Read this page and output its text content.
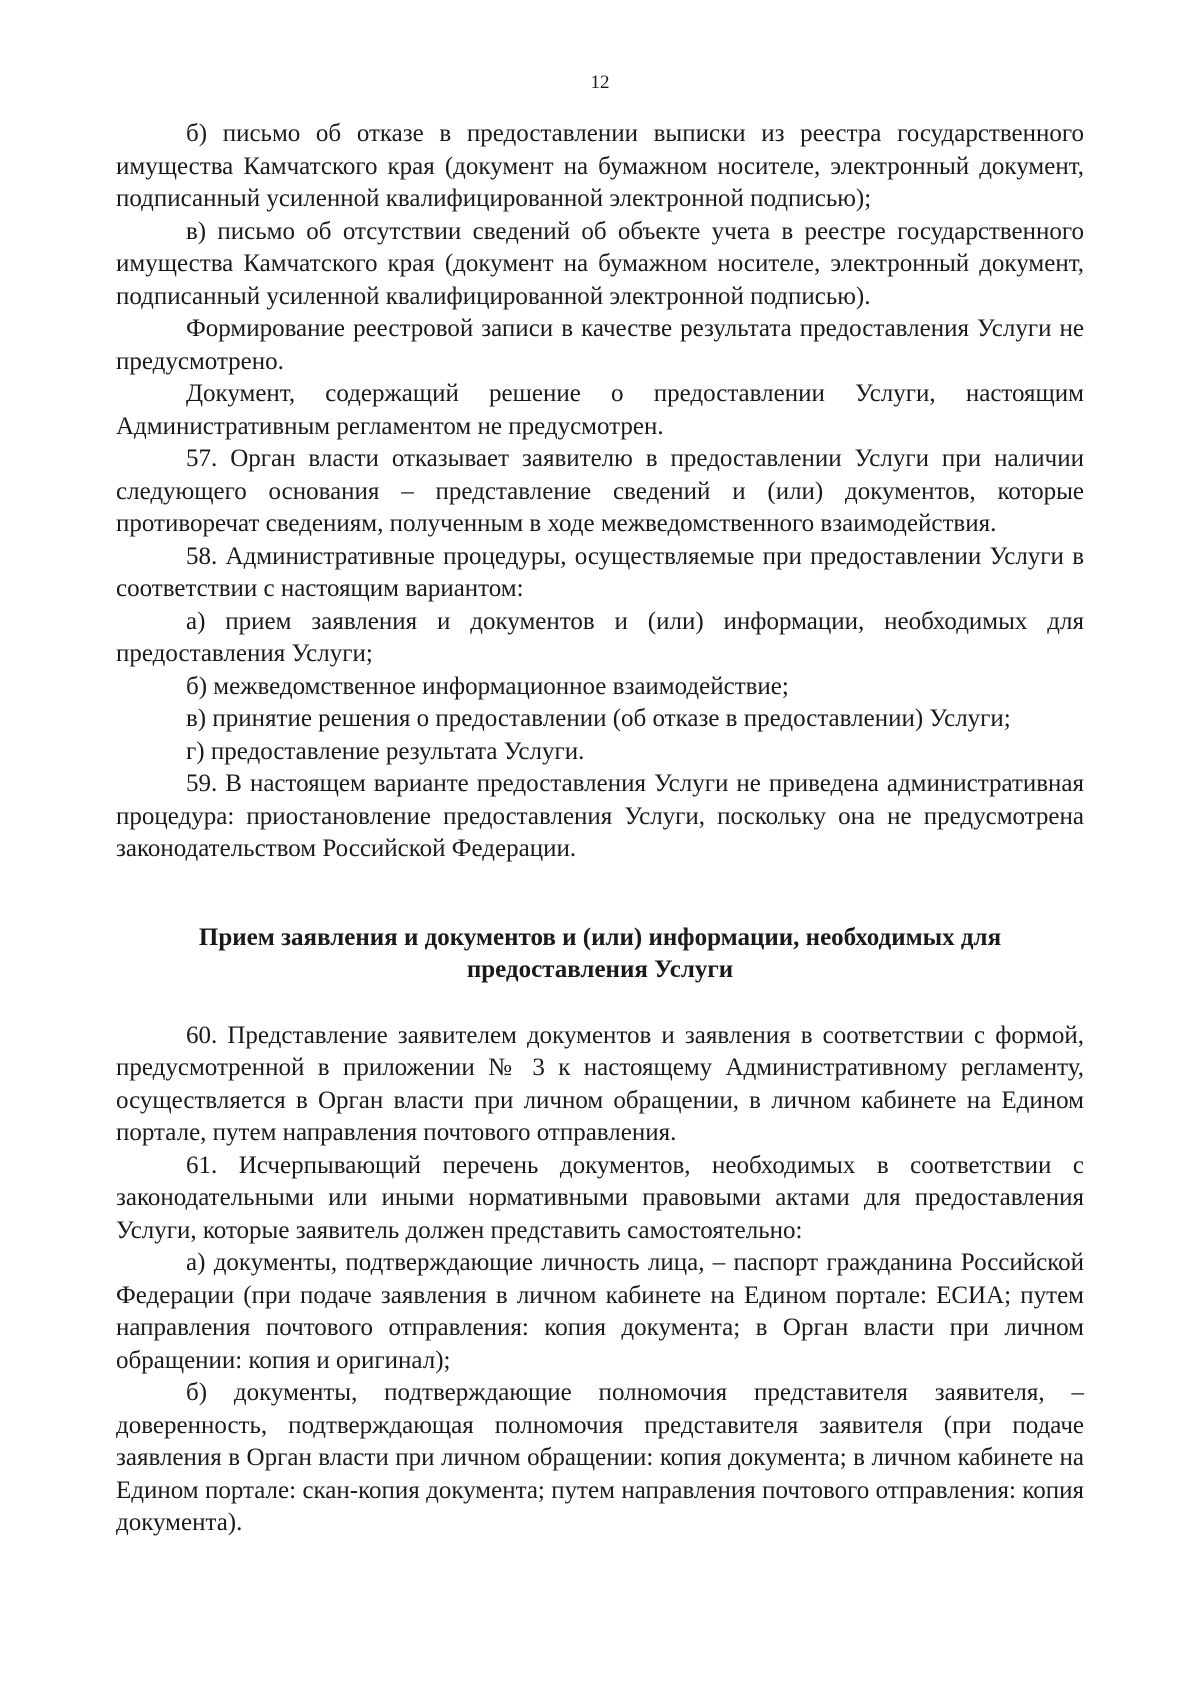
12

б) письмо об отказе в предоставлении выписки из реестра государственного имущества Камчатского края (документ на бумажном носителе, электронный документ, подписанный усиленной квалифицированной электронной подписью);

в) письмо об отсутствии сведений об объекте учета в реестре государственного имущества Камчатского края (документ на бумажном носителе, электронный документ, подписанный усиленной квалифицированной электронной подписью).

Формирование реестровой записи в качестве результата предоставления Услуги не предусмотрено.

Документ, содержащий решение о предоставлении Услуги, настоящим Административным регламентом не предусмотрен.

57. Орган власти отказывает заявителю в предоставлении Услуги при наличии следующего основания – представление сведений и (или) документов, которые противоречат сведениям, полученным в ходе межведомственного взаимодействия.

58. Административные процедуры, осуществляемые при предоставлении Услуги в соответствии с настоящим вариантом:

а) прием заявления и документов и (или) информации, необходимых для предоставления Услуги;

б) межведомственное информационное взаимодействие;

в) принятие решения о предоставлении (об отказе в предоставлении) Услуги;

г) предоставление результата Услуги.

59. В настоящем варианте предоставления Услуги не приведена административная процедура: приостановление предоставления Услуги, поскольку она не предусмотрена законодательством Российской Федерации.

Прием заявления и документов и (или) информации, необходимых для предоставления Услуги

60. Представление заявителем документов и заявления в соответствии с формой, предусмотренной в приложении № 3 к настоящему Административному регламенту, осуществляется в Орган власти при личном обращении, в личном кабинете на Едином портале, путем направления почтового отправления.

61. Исчерпывающий перечень документов, необходимых в соответствии с законодательными или иными нормативными правовыми актами для предоставления Услуги, которые заявитель должен представить самостоятельно:

а) документы, подтверждающие личность лица, – паспорт гражданина Российской Федерации (при подаче заявления в личном кабинете на Едином портале: ЕСИА; путем направления почтового отправления: копия документа; в Орган власти при личном обращении: копия и оригинал);

б) документы, подтверждающие полномочия представителя заявителя, – доверенность, подтверждающая полномочия представителя заявителя (при подаче заявления в Орган власти при личном обращении: копия документа; в личном кабинете на Едином портале: скан-копия документа; путем направления почтового отправления: копия документа).
